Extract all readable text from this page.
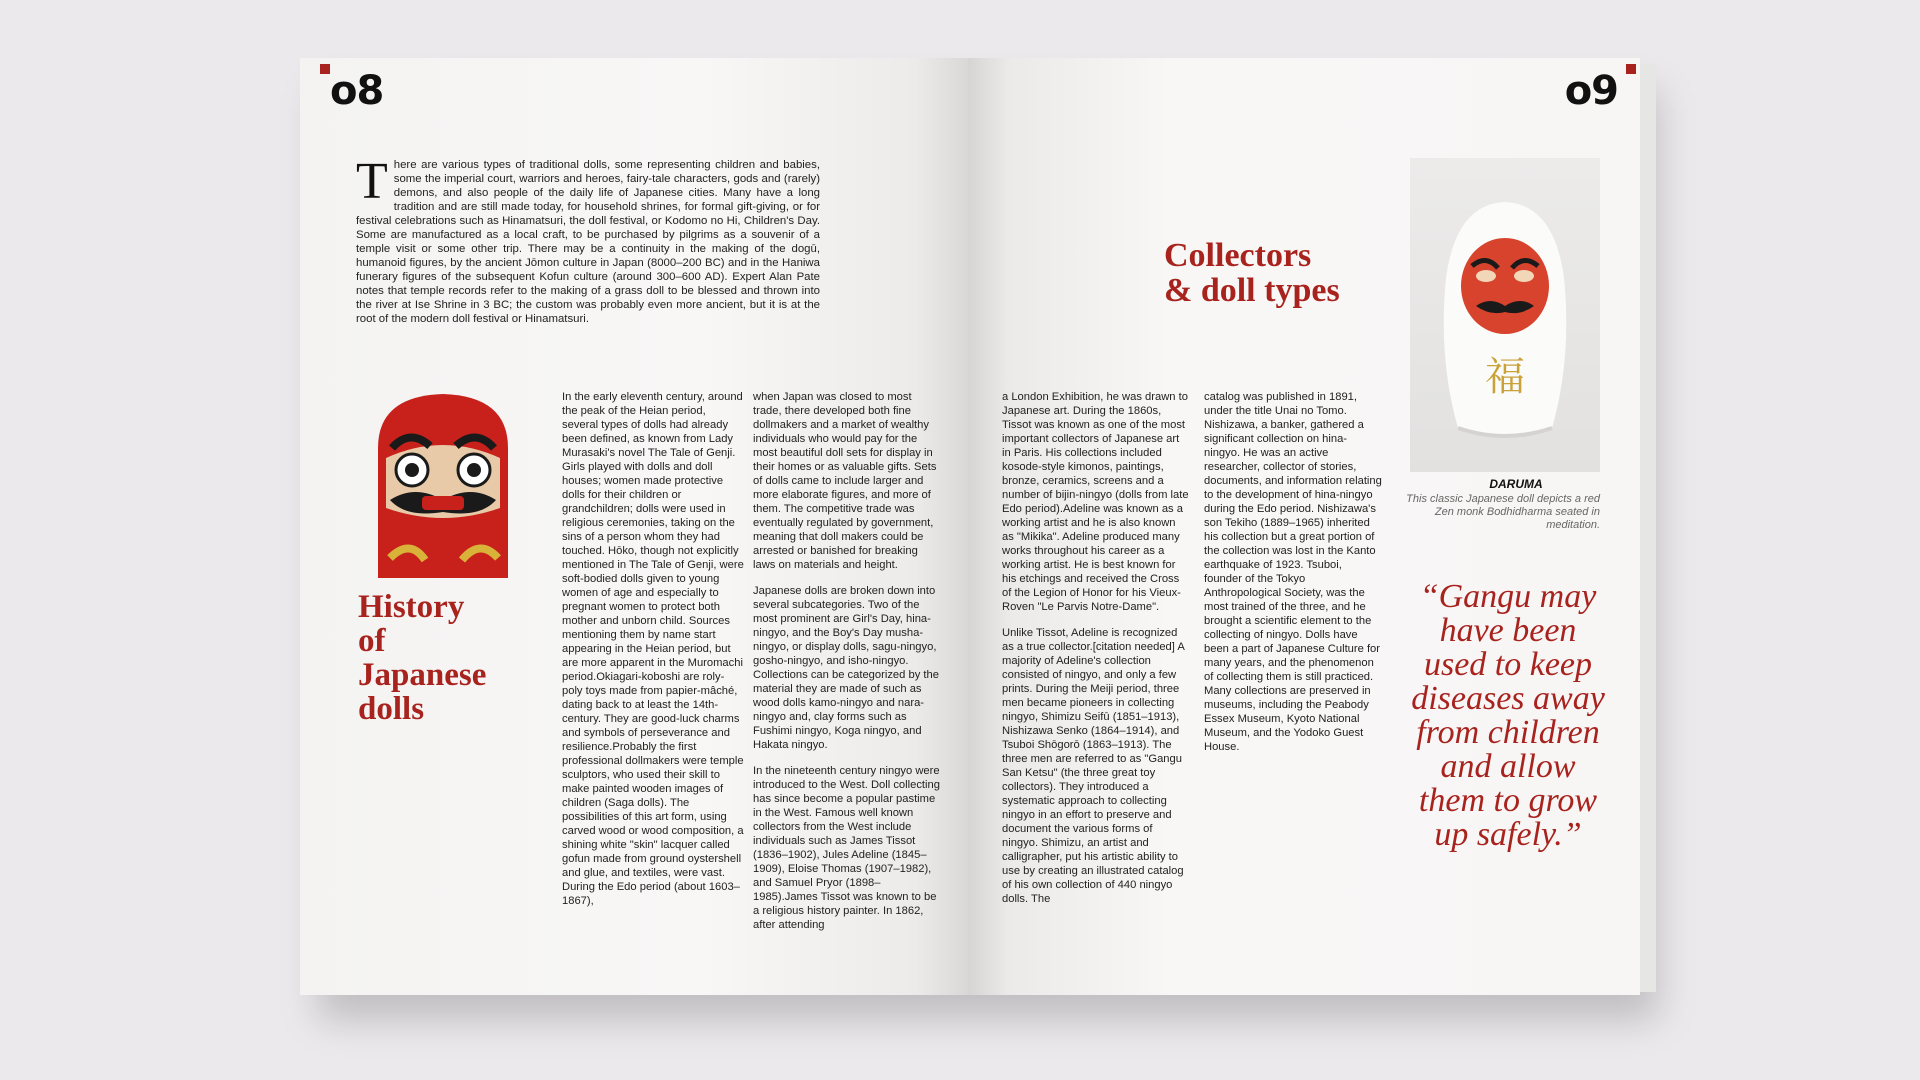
o8
T here are various types of traditional dolls, some representing children and babies, some the imperial court, warriors and heroes, fairy-tale characters, gods and (rarely) demons, and also people of the daily life of Japanese cities. Many have a long tradition and are still made today, for household shrines, for formal gift-giving, or for festival celebrations such as Hinamatsuri, the doll festival, or Kodomo no Hi, Children's Day. Some are manufactured as a local craft, to be purchased by pilgrims as a souvenir of a temple visit or some other trip. There may be a continuity in the making of the dogū, humanoid figures, by the ancient Jōmon culture in Japan (8000–200 BC) and in the Haniwa funerary figures of the subsequent Kofun culture (around 300–600 AD). Expert Alan Pate notes that temple records refer to the making of a grass doll to be blessed and thrown into the river at Ise Shrine in 3 BC; the custom was probably even more ancient, but it is at the root of the modern doll festival or Hinamatsuri.
History
of
Japanese
dolls

In the early eleventh century, around the peak of the Heian period, several types of dolls had already been defined, as known from Lady Murasaki's novel The Tale of Genji. Girls played with dolls and doll houses; women made protective dolls for their children or grandchildren; dolls were used in religious ceremonies, taking on the sins of a person whom they had touched. Hōko, though not explicitly mentioned in The Tale of Genji, were soft-bodied dolls given to young women of age and especially to pregnant women to protect both mother and unborn child. Sources mentioning them by name start appearing in the Heian period, but are more apparent in the Muromachi period.Okiagari-koboshi are roly-poly toys made from papier-mâché, dating back to at least the 14th-century. They are good-luck charms and symbols of perseverance and resilience.Probably the first professional dollmakers were temple sculptors, who used their skill to make painted wooden images of children (Saga dolls). The possibilities of this art form, using carved wood or wood composition, a shining white "skin" lacquer called gofun made from ground oystershell and glue, and textiles, were vast. During the Edo period (about 1603–1867),

when Japan was closed to most trade, there developed both fine dollmakers and a market of wealthy individuals who would pay for the most beautiful doll sets for display in their homes or as valuable gifts. Sets of dolls came to include larger and more elaborate figures, and more of them. The competitive trade was eventually regulated by government, meaning that doll makers could be arrested or banished for breaking laws on materials and height.

Japanese dolls are broken down into several subcategories. Two of the most prominent are Girl's Day, hina-ningyo, and the Boy's Day musha-ningyo, or display dolls, sagu-ningyo, gosho-ningyo, and isho-ningyo. Collections can be categorized by the material they are made of such as wood dolls kamo-ningyo and nara-ningyo and, clay forms such as Fushimi ningyo, Koga ningyo, and Hakata ningyo.

In the nineteenth century ningyo were introduced to the West. Doll collecting has since become a popular pastime in the West. Famous well known collectors from the West include individuals such as James Tissot (1836–1902), Jules Adeline (1845–1909), Eloise Thomas (1907–1982), and Samuel Pryor (1898–1985).James Tissot was known to be a religious history painter. In 1862, after attending

o9
Collectors
& doll types

a London Exhibition, he was drawn to Japanese art. During the 1860s, Tissot was known as one of the most important collectors of Japanese art in Paris. His collections included kosode-style kimonos, paintings, bronze, ceramics, screens and a number of bijin-ningyo (dolls from late Edo period).Adeline was known as a working artist and he is also known as "Mikika". Adeline produced many works throughout his career as a working artist. He is best known for his etchings and received the Cross of the Legion of Honor for his Vieux-Roven "Le Parvis Notre-Dame".

Unlike Tissot, Adeline is recognized as a true collector.[citation needed] A majority of Adeline's collection consisted of ningyo, and only a few prints. During the Meiji period, three men became pioneers in collecting ningyo, Shimizu Seifū (1851–1913), Nishizawa Senko (1864–1914), and Tsuboi Shōgorō (1863–1913). The three men are referred to as "Gangu San Ketsu" (the three great toy collectors). They introduced a systematic approach to collecting ningyo in an effort to preserve and document the various forms of ningyo. Shimizu, an artist and calligrapher, put his artistic ability to use by creating an illustrated catalog of his own collection of 440 ningyo dolls. The

catalog was published in 1891, under the title Unai no Tomo. Nishizawa, a banker, gathered a significant collection on hina-ningyo. He was an active researcher, collector of stories, documents, and information relating to the development of hina-ningyo during the Edo period. Nishizawa's son Tekiho (1889–1965) inherited his collection but a great portion of the collection was lost in the Kanto earthquake of 1923. Tsuboi, founder of the Tokyo Anthropological Society, was the most trained of the three, and he brought a scientific element to the collecting of ningyo. Dolls have been a part of Japanese Culture for many years, and the phenomenon of collecting them is still practiced. Many collections are preserved in museums, including the Peabody Essex Museum, Kyoto National Museum, and the Yodoko Guest House.

福
DARUMA
This classic Japanese doll depicts a red Zen monk Bodhidharma seated in meditation.
“Gangu may have been used to keep diseases away from children and allow them to grow up safely.”
